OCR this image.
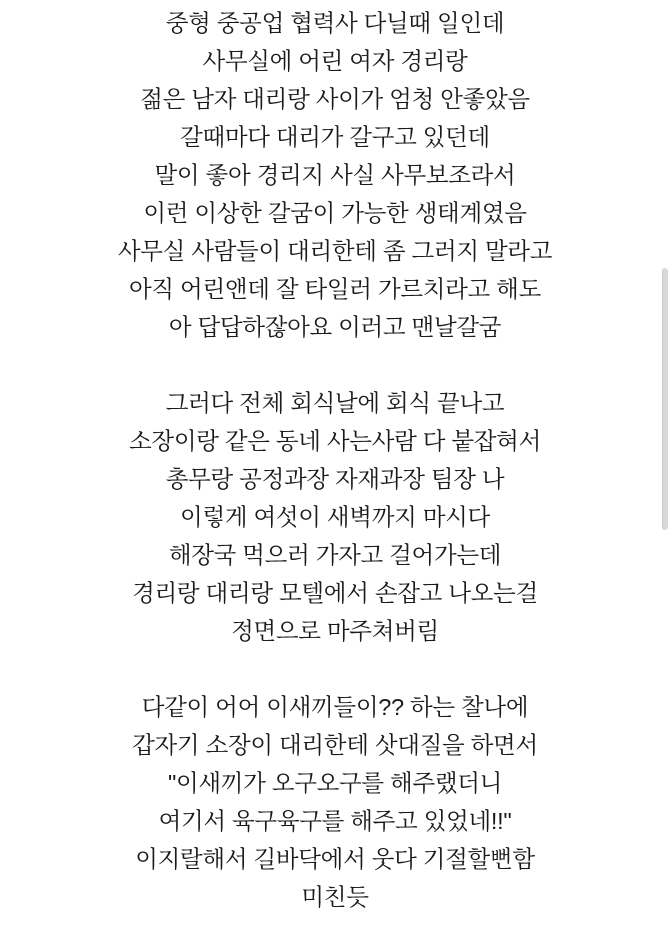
중형 중공업 협력사 다닐때 일인데
사무실에 어린 여자 경리랑
젊은 남자 대리랑 사이가 엄청 안좋았음
갈때마다 대리가 갈구고 있던데
말이 좋아 경리지 사실 사무보조라서
이런 이상한 갈굼이 가능한 생태계였음
사무실 사람들이 대리한테 좀 그러지 말라고
아직 어린앤데 잘 타일러 가르치라고 해도
아 답답하잖아요 이러고 맨날갈굼
그러다 전체 회식날에 회식 끝나고
소장이랑 같은 동네 사는사람 다 붙잡혀서
총무랑 공정과장 자재과장 팀장 나
이렇게 여섯이 새벽까지 마시다
해장국 먹으러 가자고 걸어가는데
경리랑 대리랑 모텔에서 손잡고 나오는걸
정면으로 마주쳐버림
다같이 어어 이새끼들이?? 하는 찰나에
갑자기 소장이 대리한테 삿대질을 하면서
"이새끼가 오구오구를 해주랬더니
여기서 육구육구를 해주고 있었네!!"
이지랄해서 길바닥에서 웃다 기절할뻔함
미친듯
